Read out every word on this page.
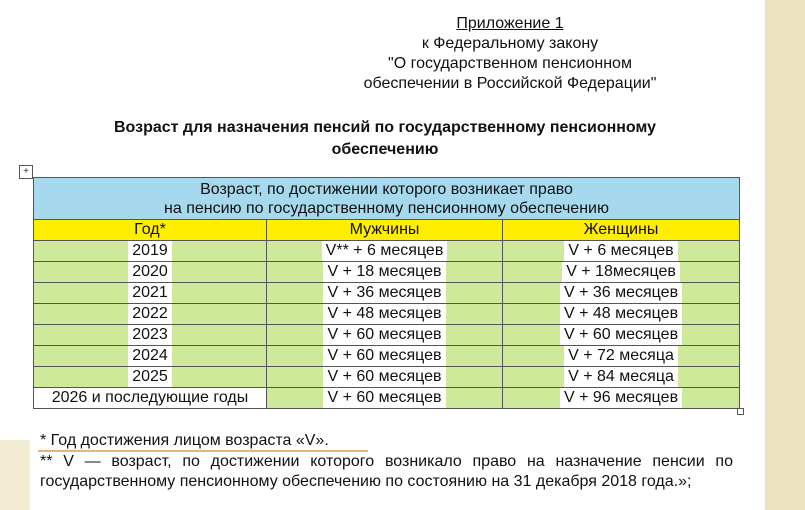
Приложение 1
к Федеральному закону
"О государственном пенсионном
обеспечении в Российской Федерации"
Возраст для назначения пенсий по государственному пенсионному
обеспечению
+
Возраст, по достижении которого возникает право
на пенсию по государственному пенсионному обеспечению		

Год*	Мужчины	Женщины
2019	V** + 6 месяцев	V + 6 месяцев
2020	V + 18 месяцев	V + 18месяцев
2021	V + 36 месяцев	V + 36 месяцев
2022	V + 48 месяцев	V + 48 месяцев
2023	V + 60 месяцев	V + 60 месяцев
2024	V + 60 месяцев	V + 72 месяца
2025	V + 60 месяцев	V + 84 месяца
2026 и последующие годы	V + 60 месяцев	V + 96 месяцев
* Год достижения лицом возраста «V».
** V — возраст, по достижении которого возникало право на назначение пенсии по государственному пенсионному обеспечению по состоянию на 31 декабря 2018 года.»;
